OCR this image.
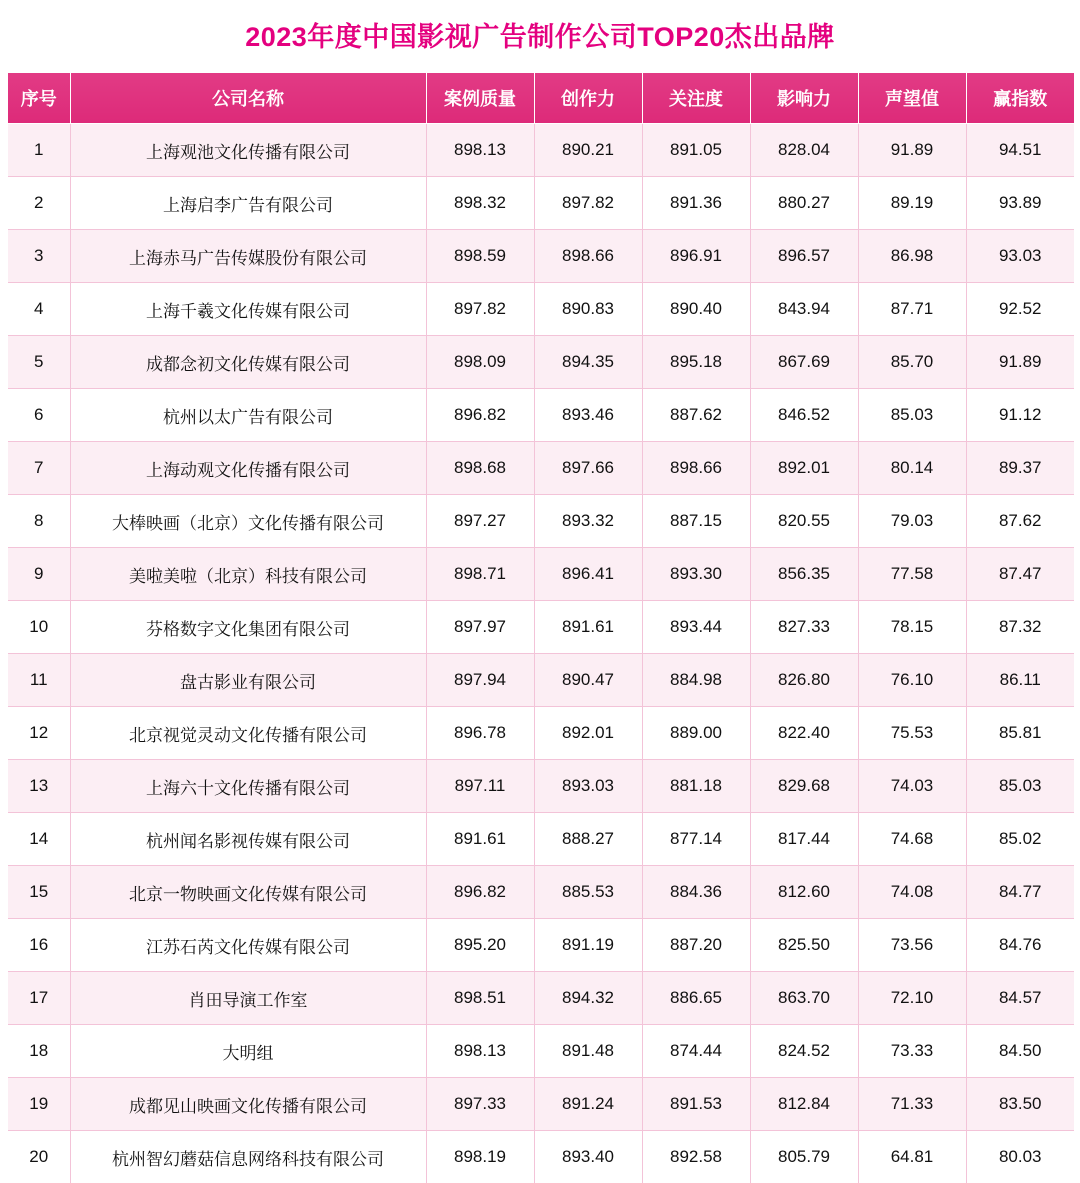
2023年度中国影视广告制作公司TOP20杰出品牌
序号	公司名称	案例质量	创作力	关注度	影响力	声望值	赢指数
1	上海观池文化传播有限公司	898.13	890.21	891.05	828.04	91.89	94.51
2	上海启李广告有限公司	898.32	897.82	891.36	880.27	89.19	93.89
3	上海赤马广告传媒股份有限公司	898.59	898.66	896.91	896.57	86.98	93.03
4	上海千羲文化传媒有限公司	897.82	890.83	890.40	843.94	87.71	92.52
5	成都念初文化传媒有限公司	898.09	894.35	895.18	867.69	85.70	91.89
6	杭州以太广告有限公司	896.82	893.46	887.62	846.52	85.03	91.12
7	上海动观文化传播有限公司	898.68	897.66	898.66	892.01	80.14	89.37
8	大棒映画（北京）文化传播有限公司	897.27	893.32	887.15	820.55	79.03	87.62
9	美啦美啦（北京）科技有限公司	898.71	896.41	893.30	856.35	77.58	87.47
10	芬格数字文化集团有限公司	897.97	891.61	893.44	827.33	78.15	87.32
11	盘古影业有限公司	897.94	890.47	884.98	826.80	76.10	86.11
12	北京视觉灵动文化传播有限公司	896.78	892.01	889.00	822.40	75.53	85.81
13	上海六十文化传播有限公司	897.11	893.03	881.18	829.68	74.03	85.03
14	杭州闻名影视传媒有限公司	891.61	888.27	877.14	817.44	74.68	85.02
15	北京一物映画文化传媒有限公司	896.82	885.53	884.36	812.60	74.08	84.77
16	江苏石芮文化传媒有限公司	895.20	891.19	887.20	825.50	73.56	84.76
17	肖田导演工作室	898.51	894.32	886.65	863.70	72.10	84.57
18	大明组	898.13	891.48	874.44	824.52	73.33	84.50
19	成都见山映画文化传播有限公司	897.33	891.24	891.53	812.84	71.33	83.50
20	杭州智幻蘑菇信息网络科技有限公司	898.19	893.40	892.58	805.79	64.81	80.03
